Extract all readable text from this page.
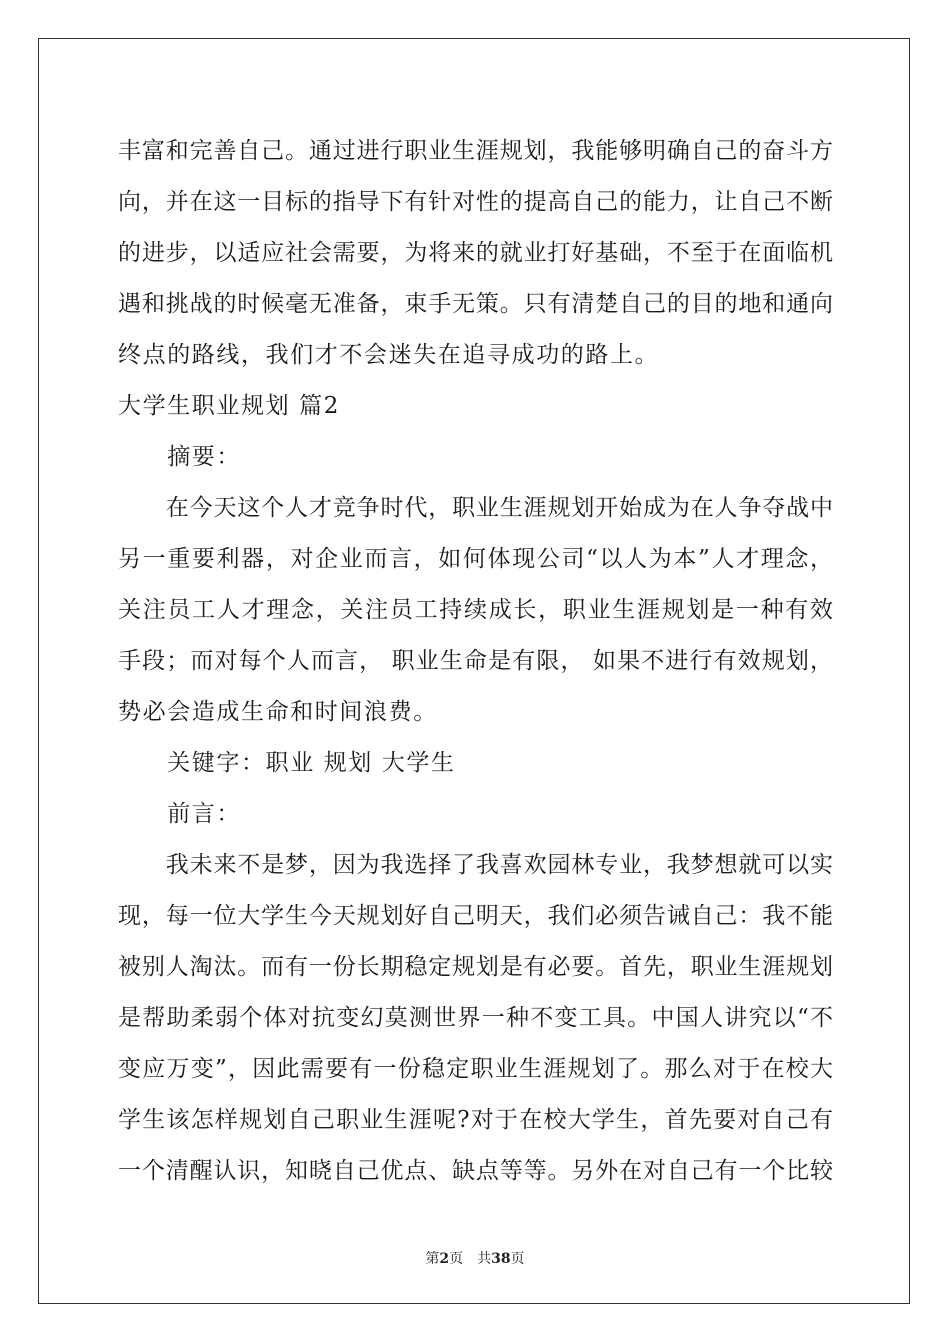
丰富和完善自己。通过进行职业生涯规划，我能够明确自己的奋斗方
向，并在这一目标的指导下有针对性的提高自己的能力，让自己不断
的进步，以适应社会需要，为将来的就业打好基础，不至于在面临机
遇和挑战的时候毫无准备，束手无策。只有清楚自己的目的地和通向
终点的路线，我们才不会迷失在追寻成功的路上。
大学生职业规划 篇2
　　摘要：
　　在今天这个人才竞争时代，职业生涯规划开始成为在人争夺战中
另一重要利器，对企业而言，如何体现公司“以人为本”人才理念，
关注员工人才理念，关注员工持续成长，职业生涯规划是一种有效
手段；而对每个人而言， 职业生命是有限， 如果不进行有效规划，
势必会造成生命和时间浪费。
　　关键字：职业 规划 大学生
　　前言：
　　我未来不是梦，因为我选择了我喜欢园林专业，我梦想就可以实
现，每一位大学生今天规划好自己明天，我们必须告诫自己：我不能
被别人淘汰。而有一份长期稳定规划是有必要。首先，职业生涯规划
是帮助柔弱个体对抗变幻莫测世界一种不变工具。中国人讲究以“不
变应万变”，因此需要有一份稳定职业生涯规划了。那么对于在校大
学生该怎样规划自己职业生涯呢?对于在校大学生，首先要对自己有
一个清醒认识，知晓自己优点、缺点等等。另外在对自己有一个比较
第2页　共38页
